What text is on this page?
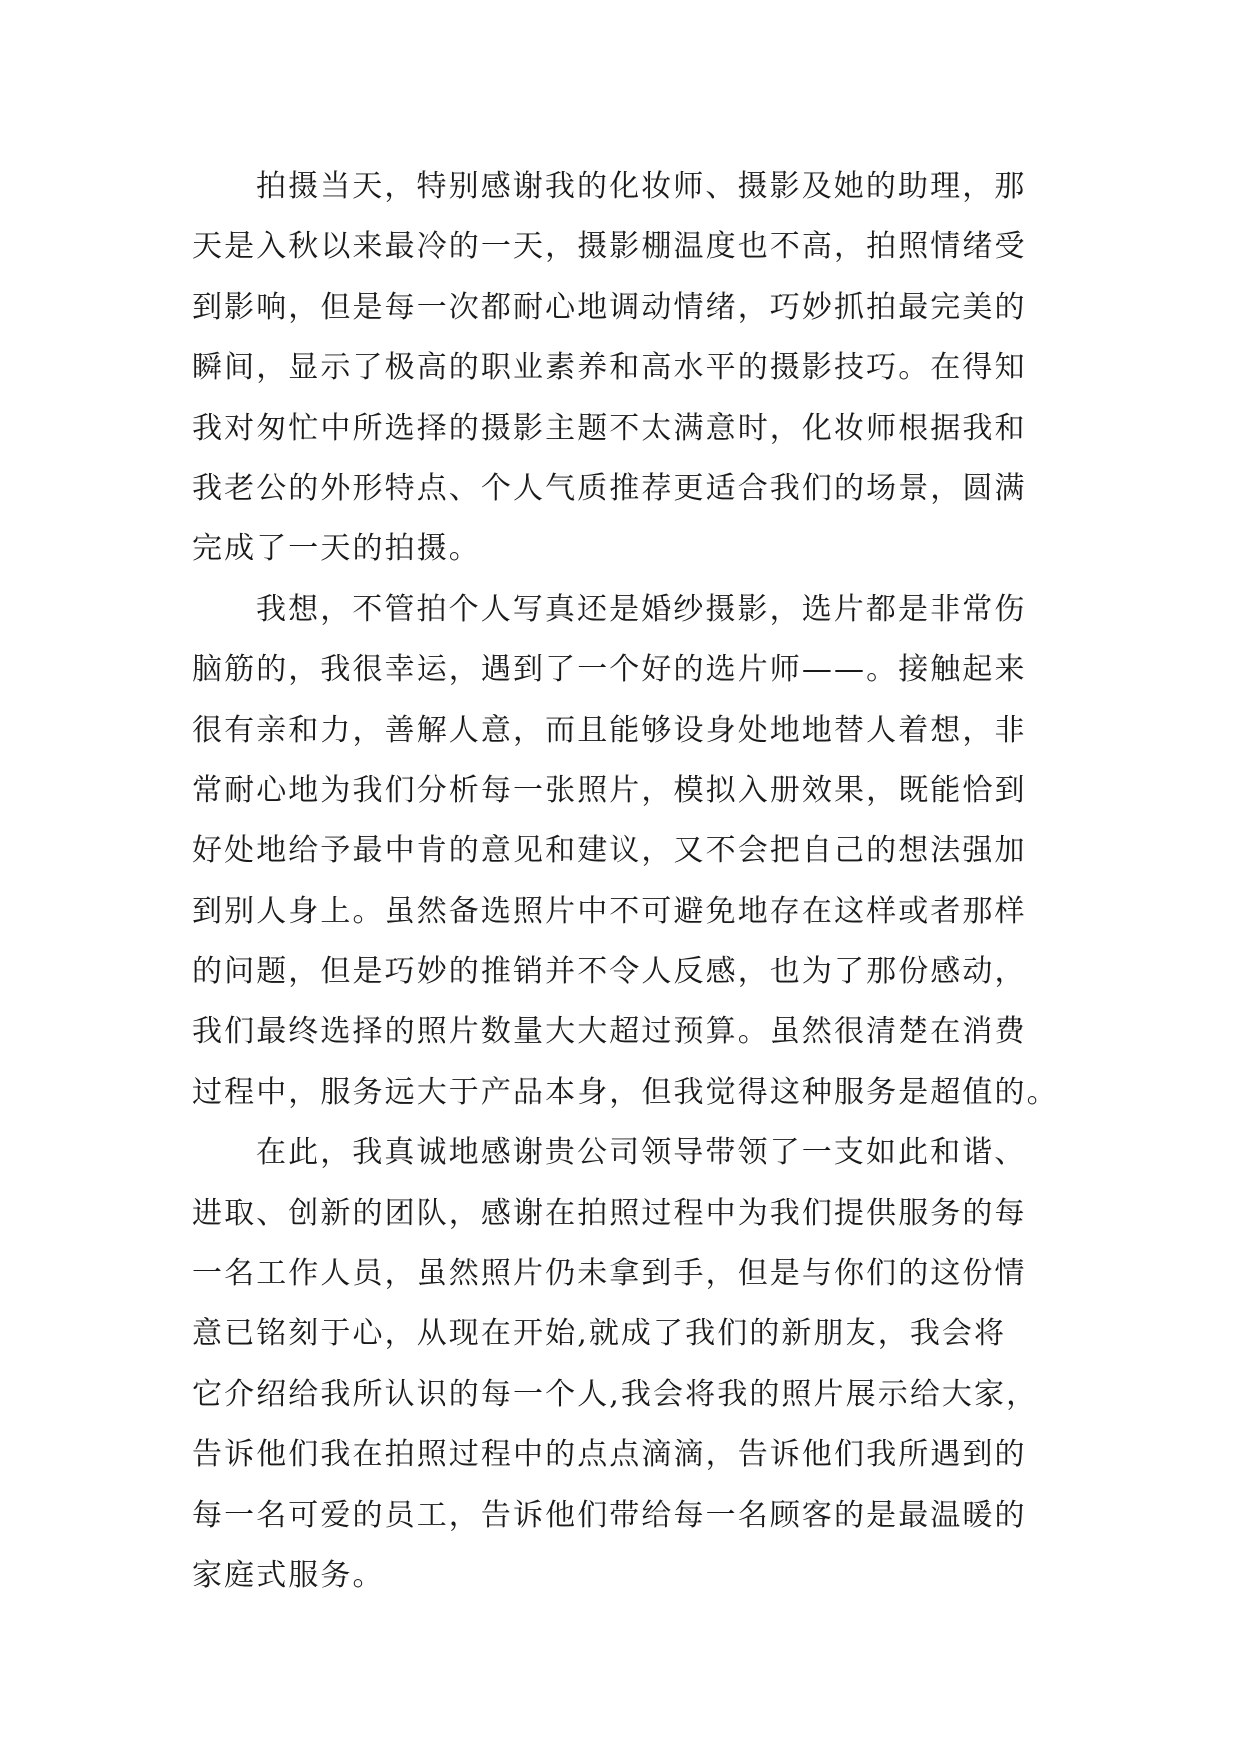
拍摄当天，特别感谢我的化妆师、摄影及她的助理，那
天是入秋以来最冷的一天，摄影棚温度也不高，拍照情绪受
到影响，但是每一次都耐心地调动情绪，巧妙抓拍最完美的
瞬间，显示了极高的职业素养和高水平的摄影技巧。在得知
我对匆忙中所选择的摄影主题不太满意时，化妆师根据我和
我老公的外形特点、个人气质推荐更适合我们的场景，圆满
完成了一天的拍摄。
我想，不管拍个人写真还是婚纱摄影，选片都是非常伤
脑筋的，我很幸运，遇到了一个好的选片师——。接触起来
很有亲和力，善解人意，而且能够设身处地地替人着想，非
常耐心地为我们分析每一张照片，模拟入册效果，既能恰到
好处地给予最中肯的意见和建议，又不会把自己的想法强加
到别人身上。虽然备选照片中不可避免地存在这样或者那样
的问题，但是巧妙的推销并不令人反感，也为了那份感动，
我们最终选择的照片数量大大超过预算。虽然很清楚在消费
过程中，服务远大于产品本身，但我觉得这种服务是超值的。
在此，我真诚地感谢贵公司领导带领了一支如此和谐、
进取、创新的团队，感谢在拍照过程中为我们提供服务的每
一名工作人员，虽然照片仍未拿到手，但是与你们的这份情
意已铭刻于心，从现在开始,就成了我们的新朋友，我会将
它介绍给我所认识的每一个人,我会将我的照片展示给大家，
告诉他们我在拍照过程中的点点滴滴，告诉他们我所遇到的
每一名可爱的员工，告诉他们带给每一名顾客的是最温暖的
家庭式服务。
